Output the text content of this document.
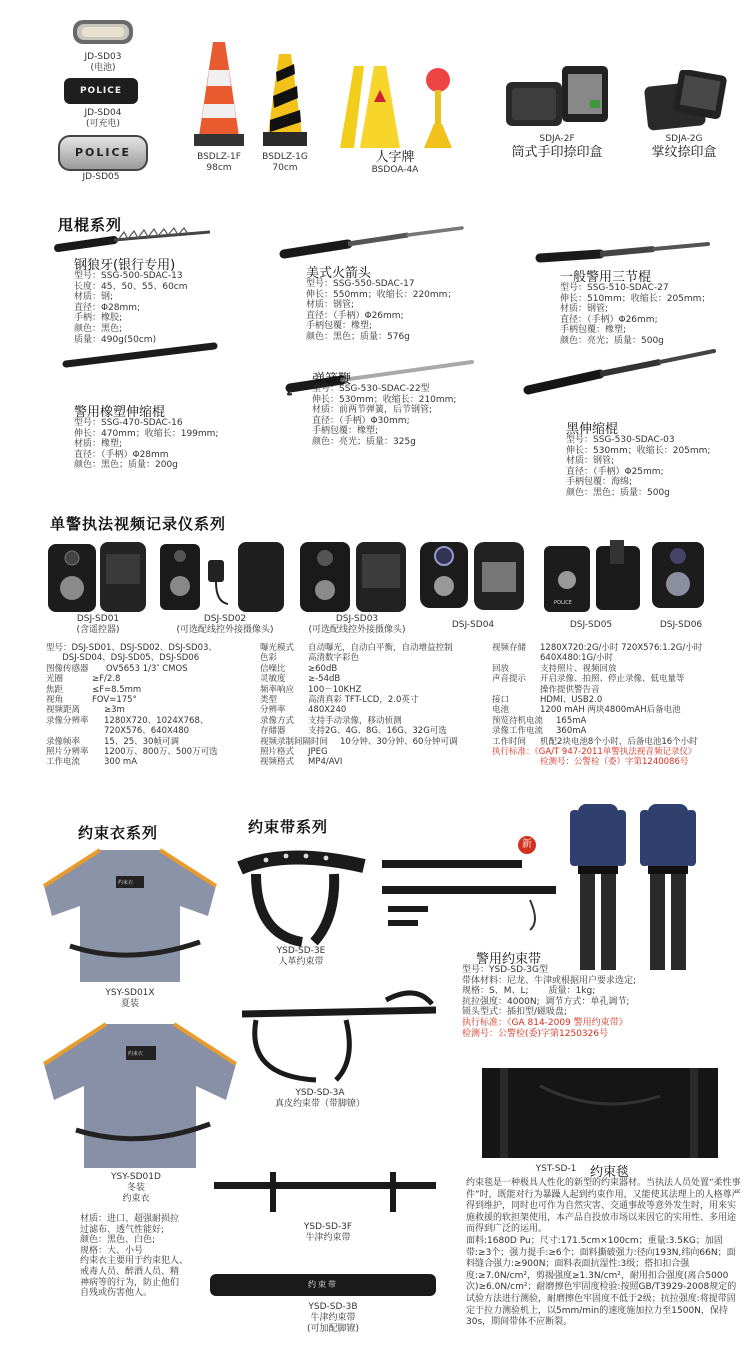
JD-SD03
(电池)
POLICE
JD-SD04
(可充电)
POLICE
JD-SD05
BSDLZ-1F
98cm
BSDLZ-1G
70cm
人字牌
BSDOA-4A
SDJA-2F
筒式手印捺印盒
SDJA-2G
掌纹捺印盒
甩棍系列
钢狼牙(银行专用)
型号：SSG-500-SDAC-13
长度：45、50、55、60cm
材质：钢;
直径：Φ28mm;
手柄：橡胶;
颜色：黑色;
质量：490g(50cm)
美式火箭头
型号：SSG-550-SDAC-17
伸长：550mm；收缩长：220mm；
材质：钢管;
直径：（手柄）Φ26mm;
手柄包覆：橡塑;
颜色：黑色；质量：576g
一般警用三节棍
型号：SSG-510-SDAC-27
伸长：510mm；收缩长：205mm；
材质：钢管;
直径：（手柄）Φ26mm;
手柄包覆：橡塑;
颜色：亮光；质量：500g
警用橡塑伸缩棍
型号：SSG-470-SDAC-16
伸长：470mm；收缩长：199mm;
材质：橡塑;
直径：（手柄）Φ28mm
颜色：黑色；质量：200g
弹簧鞭
型号：SSG-530-SDAC-22型
伸长：530mm；收缩长：210mm;
材质：前两节弹簧，后节钢管;
直径：（手柄）Φ30mm;
手柄包覆：橡塑;
颜色：亮光；质量：325g
黑伸缩棍
型号：SSG-530-SDAC-03
伸长：530mm；收缩长：205mm;
材质：钢管;
直径：（手柄）Φ25mm;
手柄包覆：海绵;
颜色：黑色；质量：500g
单警执法视频记录仪系列
POLICE
DSJ-SD01
(含遥控器)
DSJ-SD02
(可选配线控外接摄像头)
DSJ-SD03
(可选配线控外接摄像头)	DSJ-SD04	DSJ-SD05	DSJ-SD06
型号：DSJ-SD01、DSJ-SD02、DSJ-SD03、
DSJ-SD04、DSJ-SD05、DSJ-SD06
图像传感器	OV5653 1/3″ CMOS
光圈	≥F/2.8
焦距	≤F=8.5mm
视角	FOV=175°
视频距离	≥3m
录像分辨率	1280X720、1024X768、
720X576、640X480
录像帧率	15、25、30帧可调
照片分辨率	1200万、800万、500万可选
工作电流	300 mA
曝光模式	自动曝光，自动白平衡，自动增益控制
色彩	高清数字彩色
信噪比	≥60dB
灵敏度	≥-54dB
频率响应	100－10KHZ
类型	高清真彩 TFT-LCD，2.0英寸
分辨率	480X240
录像方式	支持手动录像，移动侦测
存储器	支持2G、4G、8G、16G、32G可选
视频录制间隔时间	10分钟、30分钟、60分钟可调
照片格式	JPEG
视频格式	MP4/AVI
视频存储	1280X720:2G/小时 720X576:1.2G/小时
640X480:1G/小时
回放	支持照片、视频回放
声音提示	开启录像、拍照、停止录像、低电量等
操作提供警告音
接口	HDMI、USB2.0
电池	1200 mAH 两块4800mAH后备电池
预览待机电流	165mA
录像工作电流	360mA
工作时间	机配2块电池8个小时，后备电池16个小时
执行标准：《GA/T 947-2011单警执法视音频记录仪》
检测号：公警检（委）字第1240086号
约束衣系列	约束带系列
约束衣
YSY-SD01X
夏装
YSD-SD-3E
人革约束带
新
警用约束带
型号：YSD-SD-3G型
带体材料：尼龙、牛津或根据用户要求选定;
规格：S、M、L;       质量：1kg;
抗拉强度：4000N;  调节方式：单孔调节;
锁头型式：插扣型/磁吸盘;
执行标准：《GA 814-2009 警用约束带》
检测号：公警检(委)字第1250326号
约束衣
YSY-SD01D
冬装
约束衣
材质：进口、超强耐损拉
过滤布、透气性能好;
颜色：黑色、白色;
规格：大、小号
约束衣主要用于约束犯人、
戒毒人员、醉酒人员、精
神病等的行为，防止他们
自残或伤害他人。
YSD-SD-3A
真皮约束带（带脚镣）
YSD-SD-3F
牛津约束带
约束带
YSD-SD-3B
牛津约束带
(可加配脚镣)
YST-SD-1	约束毯
约束毯是一种极具人性化的新型的约束器材。当执法人员处置“柔性事件”时，既能对行为暴躁人起到约束作用，又能使其法理上的人格尊严得到维护，同时也可作为自然灾害、交通事故等意外发生时，用来实施救援的软担架使用，本产品自投放市场以来因它的实用性、多用途而得到广泛的运用。
面料:1680D Pu；尺寸:171.5cm×100cm；重量:3.5KG；加固带:≥3个；强力提手:≥6个；面料撕破强力:径向193N,纬向66N；面料缝合强力:≥900N；面料表面抗湿性:3级；搭扣扣合强度:≥7.0N/cm²，剪揭强度≥1.3N/cm²，耐用扣合强度(离合5000次)≥6.0N/cm²；耐磨擦色牢固度检验:按照GB/T3929-2008规定的试验方法进行测验，耐磨擦色牢固度不低于2级；抗拉强度:将提带固定于拉力测验机上，以5mm/min的速度施加拉力至1500N，保持30s，期间带体不应断裂。
